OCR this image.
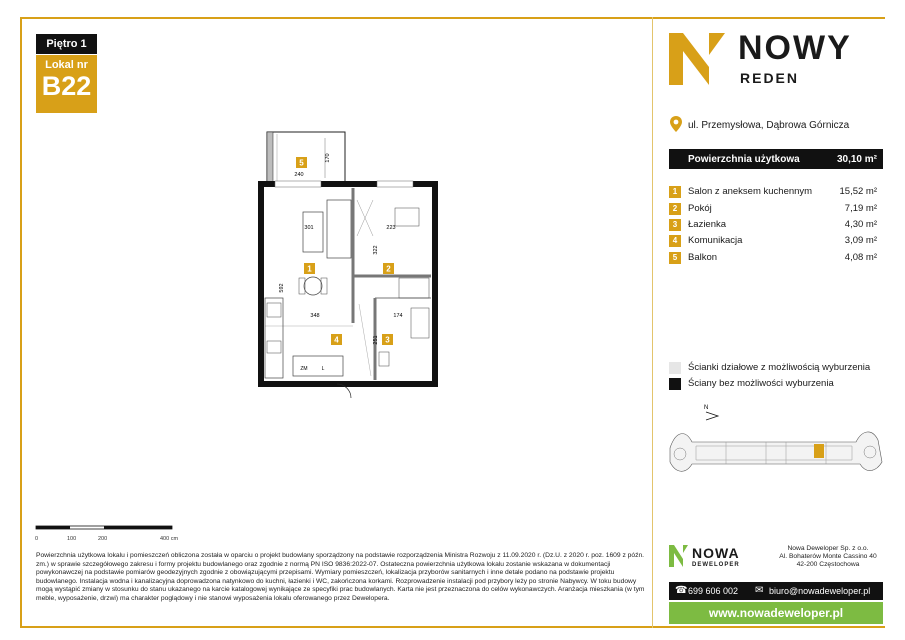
Piętro 1
Lokal nr
B22
240
170
301	223
322
592
348	174
251
5
1	2
4	3
ZM	L
0	100	200	400 cm
Powierzchnia użytkowa lokalu i pomieszczeń obliczona została w oparciu o projekt budowlany sporządzony na podstawie rozporządzenia Ministra Rozwoju z 11.09.2020 r. (Dz.U. z 2020 r. poz. 1609 z późn. zm.) w sprawie szczegółowego zakresu i formy projektu budowlanego oraz zgodnie z normą PN ISO 9836:2022-07. Ostateczna powierzchnia użytkowa lokalu zostanie wskazana w dokumentacji powykonawczej na podstawie pomiarów geodezyjnych zgodnie z obowiązującymi przepisami. Wymiary pomieszczeń, lokalizacja przyborów sanitarnych i inne detale podano na podstawie projektu budowlanego. Instalacja wodna i kanalizacyjna doprowadzona natynkowo do kuchni, łazienki i WC, zakończona korkami. Rozprowadzenie instalacji pod przybory leży po stronie Nabywcy. W toku budowy mogą wystąpić zmiany w stosunku do stanu ukazanego na karcie katalogowej wynikające ze specyfiki prac budowlanych. Karta nie jest przeznaczona do celów wykonawczych. Aranżacja mieszkania (w tym meble, wyposażenie, drzwi) ma charakter poglądowy i nie stanowi wyposażenia lokalu oferowanego przez Dewelopera.
NOWY
REDEN
ul. Przemysłowa, Dąbrowa Górnicza
Powierzchnia użytkowa	30,10 m²
1	Salon z aneksem kuchennym	15,52 m²
2	Pokój	7,19 m²
3	Łazienka	4,30 m²
4	Komunikacja	3,09 m²
5	Balkon	4,08 m²
Ścianki działowe z możliwością wyburzenia
Ściany bez możliwości wyburzenia
N
NOWA
DEWELOPER
Nowa Deweloper Sp. z o.o.
Al. Bohaterów Monte Cassino 40
42-200 Częstochowa
☎ 699 606 002 ✉ biuro@nowadeweloper.pl
www.nowadeweloper.pl
